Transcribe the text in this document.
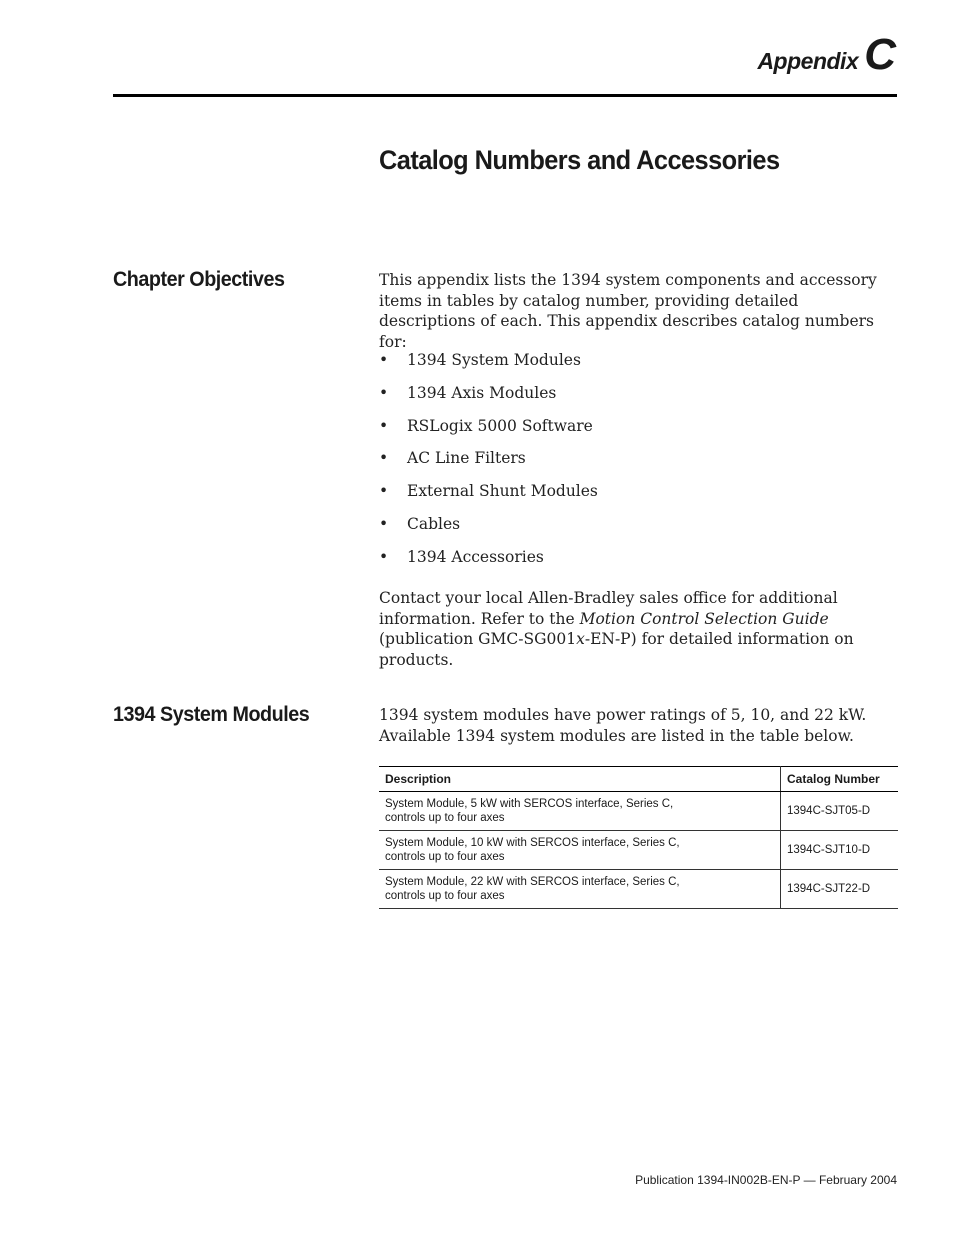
Appendix C
Catalog Numbers and Accessories
Chapter Objectives	This appendix lists the 1394 system components and accessory items in tables by catalog number, providing detailed descriptions of each. This appendix describes catalog numbers for:

• 1394 System Modules
• 1394 Axis Modules
• RSLogix 5000 Software
• AC Line Filters
• External Shunt Modules
• Cables
• 1394 Accessories

Contact your local Allen-Bradley sales office for additional information. Refer to the Motion Control Selection Guide (publication GMC-SG001x-EN-P) for detailed information on products.

1394 System Modules	1394 system modules have power ratings of 5, 10, and 22 kW. Available 1394 system modules are listed in the table below.

Description	Catalog Number

System Module, 5 kW with SERCOS interface, Series C, controls up to four axes	1394C-SJT05-D

System Module, 10 kW with SERCOS interface, Series C, controls up to four axes	1394C-SJT10-D

System Module, 22 kW with SERCOS interface, Series C, controls up to four axes	1394C-SJT22-D
Publication 1394-IN002B-EN-P — February 2004
